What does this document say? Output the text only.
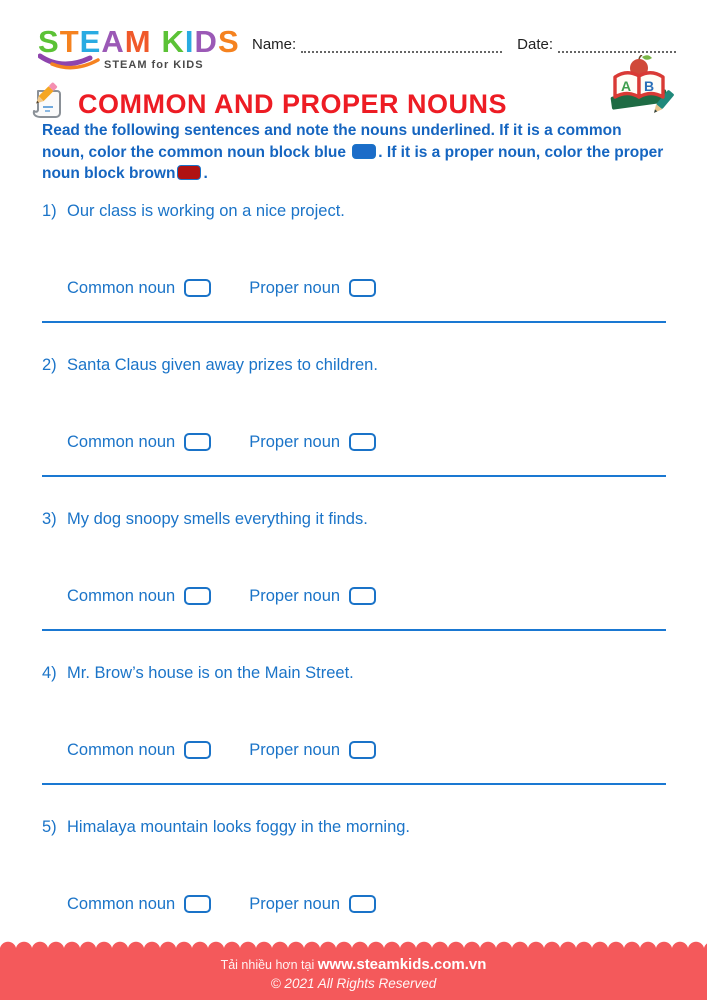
STEAM KIDS
STEAM for KIDS
Name:	Date:
A B
COMMON AND PROPER NOUNS

Read the following sentences and note the nouns underlined. If it is a common noun, color the common noun block blue . If it is a proper noun, color the proper noun block brown .

1) Our class is working on a nice project.
Common noun	Proper noun
2) Santa Claus given away prizes to children.
Common noun	Proper noun
3) My dog snoopy smells everything it finds.
Common noun	Proper noun
4) Mr. Brow’s house is on the Main Street.
Common noun	Proper noun
5) Himalaya mountain looks foggy in the morning.
Common noun	Proper noun
Tải nhiều hơn tại www.steamkids.com.vn
© 2021 All Rights Reserved
